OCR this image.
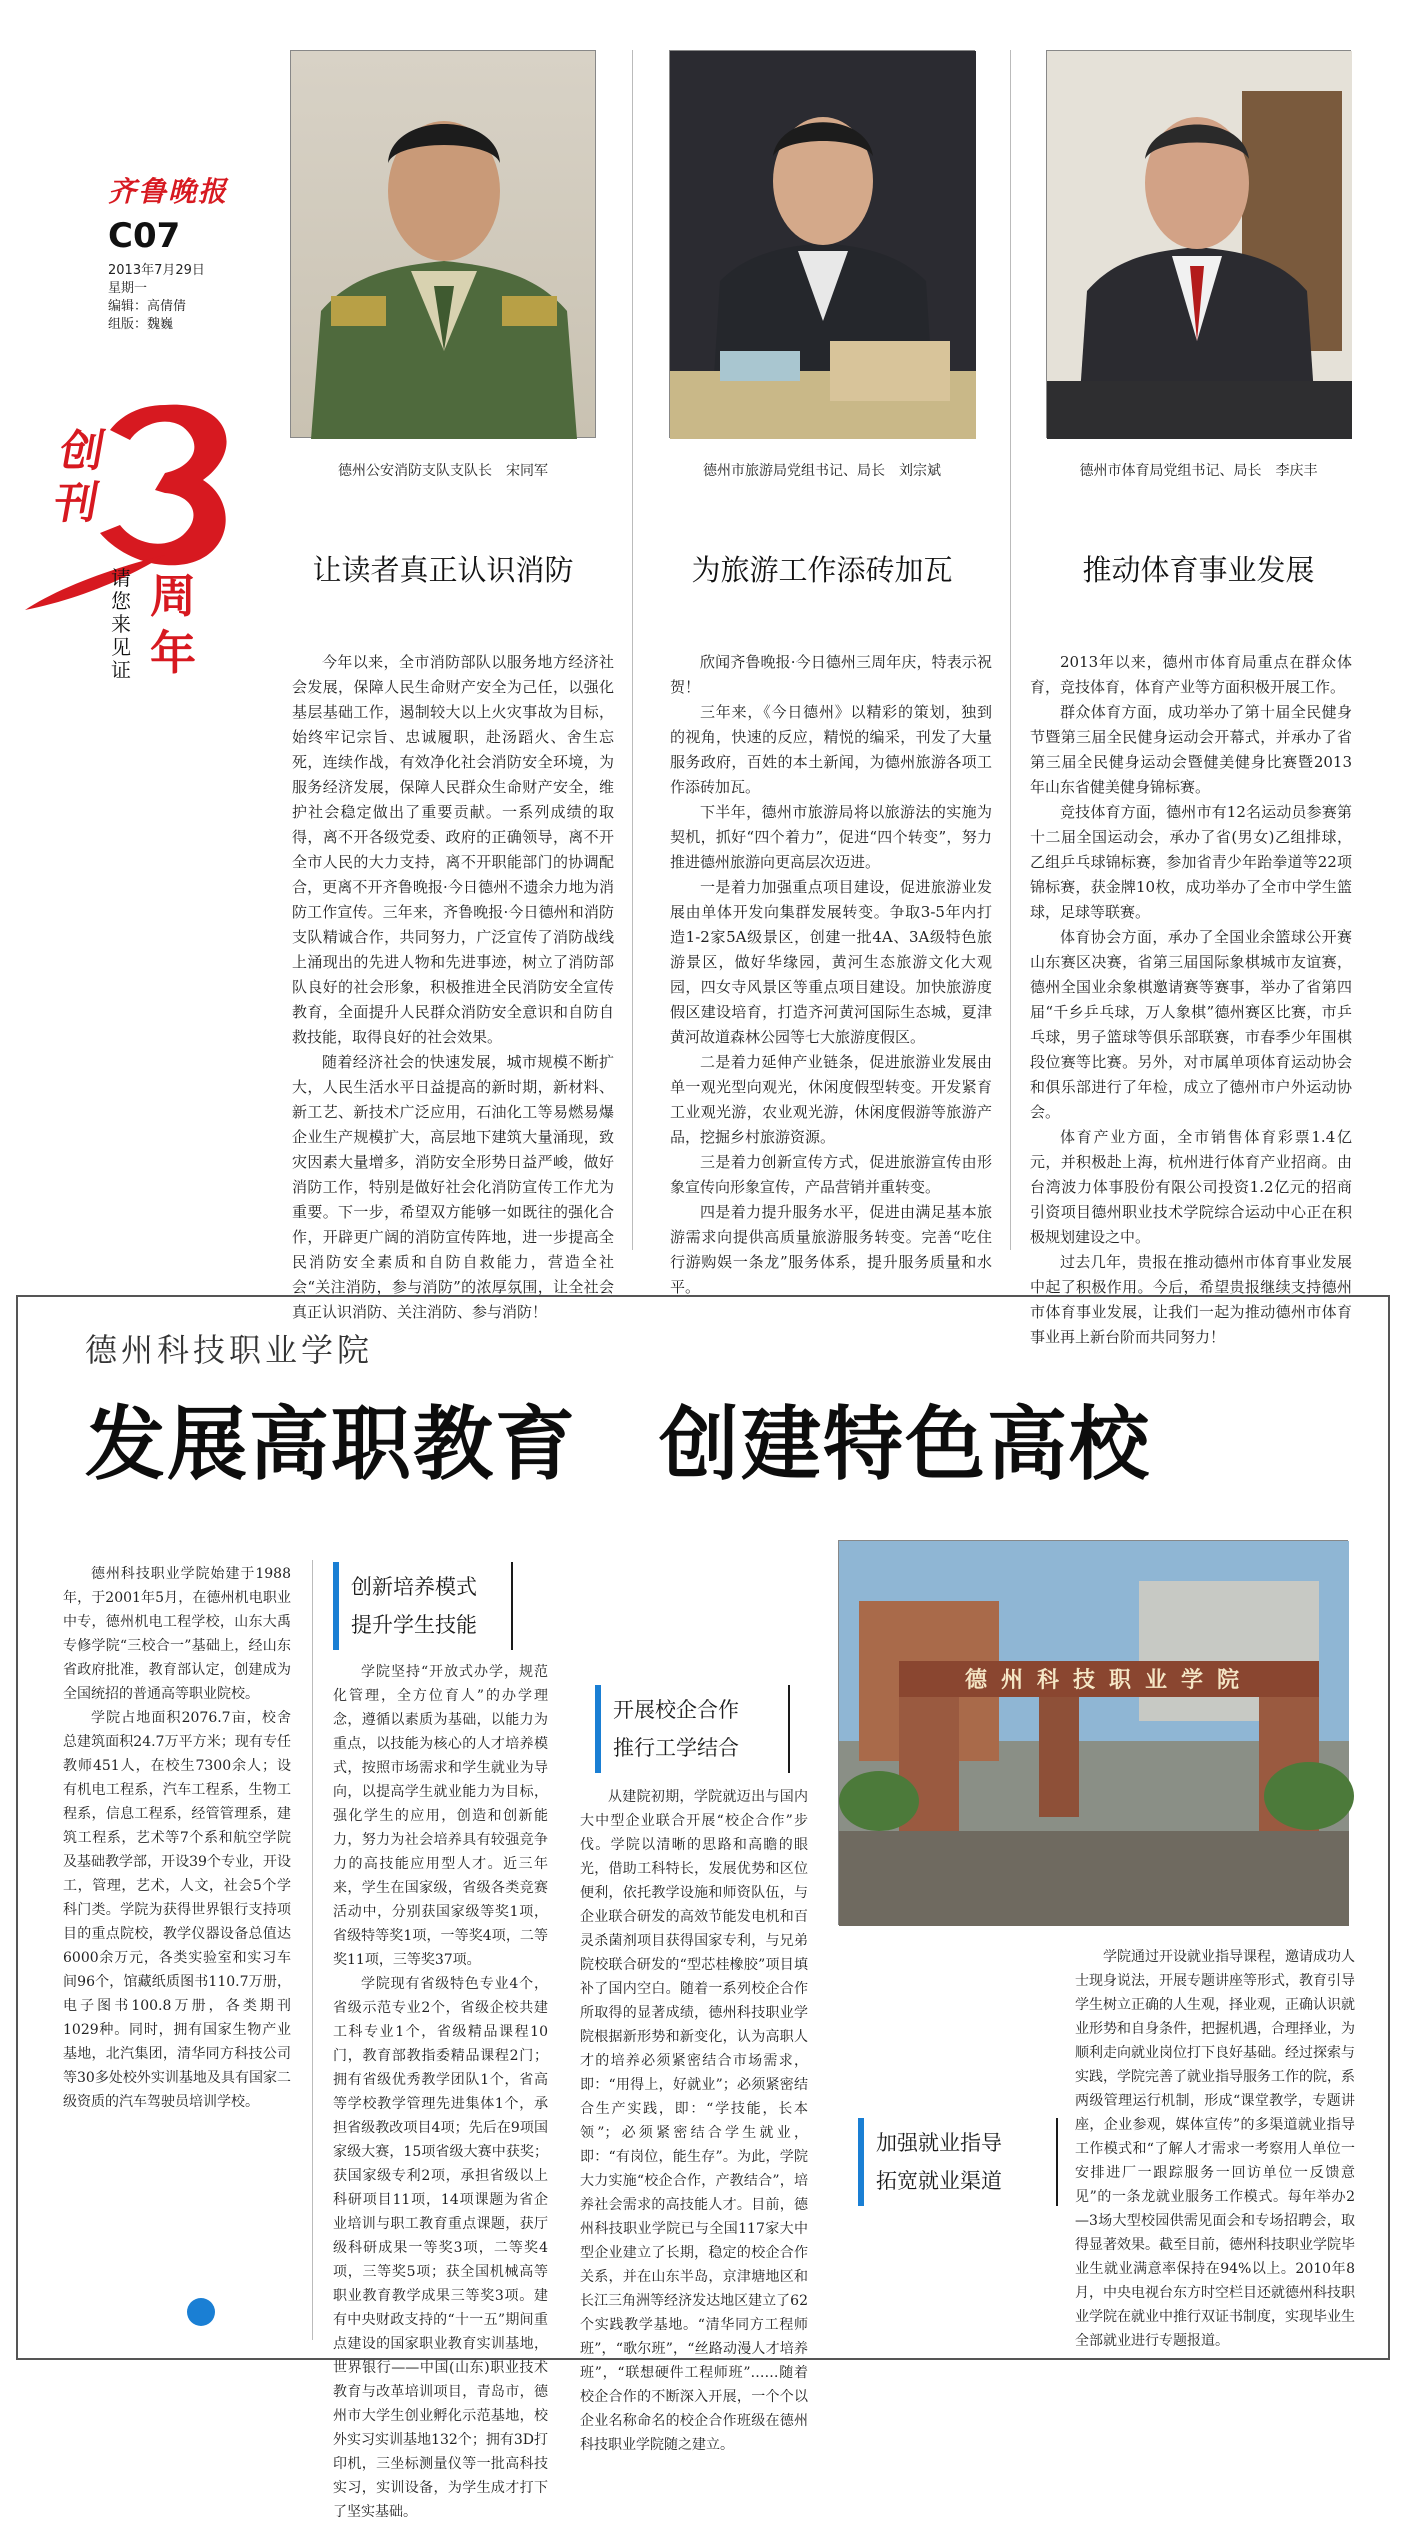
齐鲁晚报
C07
2013年7月29日
星期一
编辑：高倩倩
组版：魏巍
创
刊
周
年
请您来见证
德州公安消防支队支队长　宋同军	德州市旅游局党组书记、局长　刘宗斌	德州市体育局党组书记、局长　李庆丰
让读者真正认识消防	为旅游工作添砖加瓦	推动体育事业发展

今年以来，全市消防部队以服务地方经济社会发展，保障人民生命财产安全为己任，以强化基层基础工作，遏制较大以上火灾事故为目标，始终牢记宗旨、忠诚履职，赴汤蹈火、舍生忘死，连续作战，有效净化社会消防安全环境，为服务经济发展，保障人民群众生命财产安全，维护社会稳定做出了重要贡献。一系列成绩的取得，离不开各级党委、政府的正确领导，离不开全市人民的大力支持，离不开职能部门的协调配合，更离不开齐鲁晚报·今日德州不遗余力地为消防工作宣传。三年来，齐鲁晚报·今日德州和消防支队精诚合作，共同努力，广泛宣传了消防战线上涌现出的先进人物和先进事迹，树立了消防部队良好的社会形象，积极推进全民消防安全宣传教育，全面提升人民群众消防安全意识和自防自救技能，取得良好的社会效果。

随着经济社会的快速发展，城市规模不断扩大，人民生活水平日益提高的新时期，新材料、新工艺、新技术广泛应用，石油化工等易燃易爆企业生产规模扩大，高层地下建筑大量涌现，致灾因素大量增多，消防安全形势日益严峻，做好消防工作，特别是做好社会化消防宣传工作尤为重要。下一步，希望双方能够一如既往的强化合作，开辟更广阔的消防宣传阵地，进一步提高全民消防安全素质和自防自救能力，营造全社会“关注消防，参与消防”的浓厚氛围，让全社会真正认识消防、关注消防、参与消防！

欣闻齐鲁晚报·今日德州三周年庆，特表示祝贺！

三年来，《今日德州》以精彩的策划，独到的视角，快速的反应，精悦的编采，刊发了大量服务政府，百姓的本土新闻，为德州旅游各项工作添砖加瓦。

下半年，德州市旅游局将以旅游法的实施为契机，抓好“四个着力”，促进“四个转变”，努力推进德州旅游向更高层次迈进。

一是着力加强重点项目建设，促进旅游业发展由单体开发向集群发展转变。争取3-5年内打造1-2家5A级景区，创建一批4A、3A级特色旅游景区，做好华缘园，黄河生态旅游文化大观园，四女寺风景区等重点项目建设。加快旅游度假区建设培育，打造齐河黄河国际生态城，夏津黄河故道森林公园等七大旅游度假区。

二是着力延伸产业链条，促进旅游业发展由单一观光型向观光，休闲度假型转变。开发紧育工业观光游，农业观光游，休闲度假游等旅游产品，挖掘乡村旅游资源。

三是着力创新宣传方式，促进旅游宣传由形象宣传向形象宣传，产品营销并重转变。

四是着力提升服务水平，促进由满足基本旅游需求向提供高质量旅游服务转变。完善“吃住行游购娱一条龙”服务体系，提升服务质量和水平。

2013年以来，德州市体育局重点在群众体育，竞技体育，体育产业等方面积极开展工作。

群众体育方面，成功举办了第十届全民健身节暨第三届全民健身运动会开幕式，并承办了省第三届全民健身运动会暨健美健身比赛暨2013年山东省健美健身锦标赛。

竞技体育方面，德州市有12名运动员参赛第十二届全国运动会，承办了省(男女)乙组排球，乙组乒乓球锦标赛，参加省青少年跆拳道等22项锦标赛，获金牌10枚，成功举办了全市中学生篮球，足球等联赛。

体育协会方面，承办了全国业余篮球公开赛山东赛区决赛，省第三届国际象棋城市友谊赛，德州全国业余象棋邀请赛等赛事，举办了省第四届“千乡乒乓球，万人象棋”德州赛区比赛，市乒乓球，男子篮球等俱乐部联赛，市春季少年围棋段位赛等比赛。另外，对市属单项体育运动协会和俱乐部进行了年检，成立了德州市户外运动协会。

体育产业方面，全市销售体育彩票1.4亿元，并积极赴上海，杭州进行体育产业招商。由台湾波力体事股份有限公司投资1.2亿元的招商引资项目德州职业技术学院综合运动中心正在积极规划建设之中。

过去几年，贵报在推动德州市体育事业发展中起了积极作用。今后，希望贵报继续支持德州市体育事业发展，让我们一起为推动德州市体育事业再上新台阶而共同努力！

德州科技职业学院
发展高职教育　创建特色高校

德州科技职业学院始建于1988年，于2001年5月，在德州机电职业中专，德州机电工程学校，山东大禹专修学院“三校合一”基础上，经山东省政府批准，教育部认定，创建成为全国统招的普通高等职业院校。

学院占地面积2076.7亩，校舍总建筑面积24.7万平方米；现有专任教师451人，在校生7300余人；设有机电工程系，汽车工程系，生物工程系，信息工程系，经管管理系，建筑工程系，艺术等7个系和航空学院及基础教学部，开设39个专业，开设工，管理，艺术，人文，社会5个学科门类。学院为获得世界银行支持项目的重点院校，教学仪器设备总值达6000余万元，各类实验室和实习车间96个，馆藏纸质图书110.7万册，电子图书100.8万册，各类期刊1029种。同时，拥有国家生物产业基地，北汽集团，清华同方科技公司等30多处校外实训基地及具有国家二级资质的汽车驾驶员培训学校。

创新培养模式
提升学生技能

学院坚持“开放式办学，规范化管理，全方位育人”的办学理念，遵循以素质为基础，以能力为重点，以技能为核心的人才培养模式，按照市场需求和学生就业为导向，以提高学生就业能力为目标，强化学生的应用，创造和创新能力，努力为社会培养具有较强竞争力的高技能应用型人才。近三年来，学生在国家级，省级各类竞赛活动中，分别获国家级等奖1项，省级特等奖1项，一等奖4项，二等奖11项，三等奖37项。

学院现有省级特色专业4个，省级示范专业2个，省级企校共建工科专业1个，省级精品课程10门，教育部教指委精品课程2门；拥有省级优秀教学团队1个，省高等学校教学管理先进集体1个，承担省级教改项目4项；先后在9项国家级大赛，15项省级大赛中获奖；获国家级专利2项，承担省级以上科研项目11项，14项课题为省企业培训与职工教育重点课题，获厅级科研成果一等奖3项，二等奖4项，三等奖5项；获全国机械高等职业教育教学成果三等奖3项。建有中央财政支持的“十一五”期间重点建设的国家职业教育实训基地，世界银行——中国(山东)职业技术教育与改革培训项目，青岛市，德州市大学生创业孵化示范基地，校外实习实训基地132个；拥有3D打印机，三坐标测量仪等一批高科技实习，实训设备，为学生成才打下了坚实基础。

开展校企合作
推行工学结合

从建院初期，学院就迈出与国内大中型企业联合开展“校企合作”步伐。学院以清晰的思路和高瞻的眼光，借助工科特长，发展优势和区位便利，依托教学设施和师资队伍，与企业联合研发的高效节能发电机和百灵杀菌剂项目获得国家专利，与兄弟院校联合研发的“型芯桂橡胶”项目填补了国内空白。随着一系列校企合作所取得的显著成绩，德州科技职业学院根据新形势和新变化，认为高职人才的培养必须紧密结合市场需求，即：“用得上，好就业”；必须紧密结合生产实践，即：“学技能，长本领”；必须紧密结合学生就业，即：“有岗位，能生存”。为此，学院大力实施“校企合作，产教结合”，培养社会需求的高技能人才。目前，德州科技职业学院已与全国117家大中型企业建立了长期，稳定的校企合作关系，并在山东半岛，京津塘地区和长江三角洲等经济发达地区建立了62个实践教学基地。“清华同方工程师班”，“歌尔班”，“丝路动漫人才培养班”，“联想硬件工程师班”……随着校企合作的不断深入开展，一个个以企业名称命名的校企合作班级在德州科技职业学院随之建立。

德州科技职业学院
加强就业指导
拓宽就业渠道

学院通过开设就业指导课程，邀请成功人士现身说法，开展专题讲座等形式，教育引导学生树立正确的人生观，择业观，正确认识就业形势和自身条件，把握机遇，合理择业，为顺利走向就业岗位打下良好基础。经过探索与实践，学院完善了就业指导服务工作的院，系两级管理运行机制，形成“课堂教学，专题讲座，企业参观，媒体宣传”的多渠道就业指导工作模式和“了解人才需求一考察用人单位一安排进厂一跟踪服务一回访单位一反馈意见”的一条龙就业服务工作模式。每年举办2—3场大型校园供需见面会和专场招聘会，取得显著效果。截至目前，德州科技职业学院毕业生就业满意率保持在94%以上。2010年8月，中央电视台东方时空栏目还就德州科技职业学院在就业中推行双证书制度，实现毕业生全部就业进行专题报道。
